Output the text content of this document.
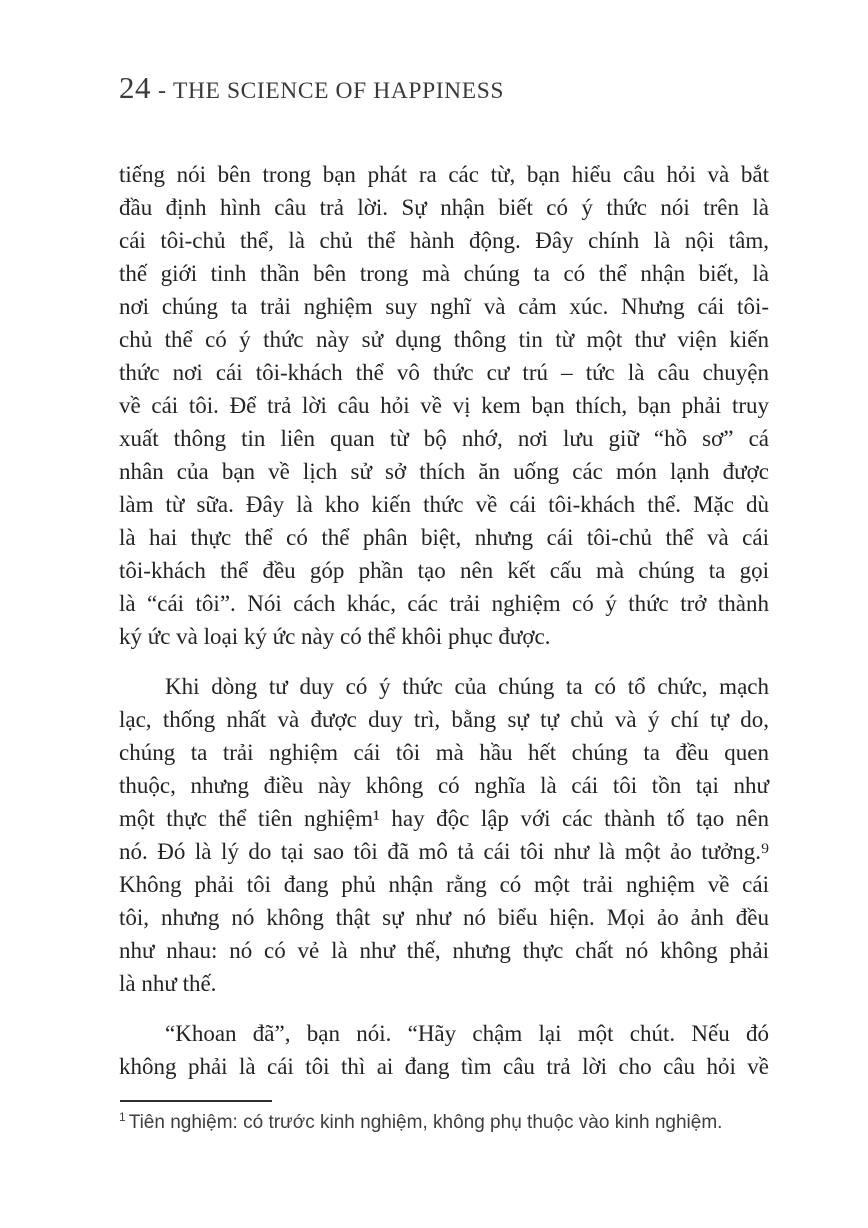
24 - THE SCIENCE OF HAPPINESS
tiếng nói bên trong bạn phát ra các từ, bạn hiểu câu hỏi và bắt
đầu định hình câu trả lời. Sự nhận biết có ý thức nói trên là
cái tôi-chủ thể, là chủ thể hành động. Đây chính là nội tâm,
thế giới tinh thần bên trong mà chúng ta có thể nhận biết, là
nơi chúng ta trải nghiệm suy nghĩ và cảm xúc. Nhưng cái tôi-
chủ thể có ý thức này sử dụng thông tin từ một thư viện kiến
thức nơi cái tôi-khách thể vô thức cư trú – tức là câu chuyện
về cái tôi. Để trả lời câu hỏi về vị kem bạn thích, bạn phải truy
xuất thông tin liên quan từ bộ nhớ, nơi lưu giữ “hồ sơ” cá
nhân của bạn về lịch sử sở thích ăn uống các món lạnh được
làm từ sữa. Đây là kho kiến thức về cái tôi-khách thể. Mặc dù
là hai thực thể có thể phân biệt, nhưng cái tôi-chủ thể và cái
tôi-khách thể đều góp phần tạo nên kết cấu mà chúng ta gọi
là “cái tôi”. Nói cách khác, các trải nghiệm có ý thức trở thành
ký ức và loại ký ức này có thể khôi phục được.
Khi dòng tư duy có ý thức của chúng ta có tổ chức, mạch
lạc, thống nhất và được duy trì, bằng sự tự chủ và ý chí tự do,
chúng ta trải nghiệm cái tôi mà hầu hết chúng ta đều quen
thuộc, nhưng điều này không có nghĩa là cái tôi tồn tại như
một thực thể tiên nghiệm¹ hay độc lập với các thành tố tạo nên
nó. Đó là lý do tại sao tôi đã mô tả cái tôi như là một ảo tưởng.⁹
Không phải tôi đang phủ nhận rằng có một trải nghiệm về cái
tôi, nhưng nó không thật sự như nó biểu hiện. Mọi ảo ảnh đều
như nhau: nó có vẻ là như thế, nhưng thực chất nó không phải
là như thế.
“Khoan đã”, bạn nói. “Hãy chậm lại một chút. Nếu đó
không phải là cái tôi thì ai đang tìm câu trả lời cho câu hỏi về
$^1$ Tiên nghiệm: có trước kinh nghiệm, không phụ thuộc vào kinh nghiệm.
